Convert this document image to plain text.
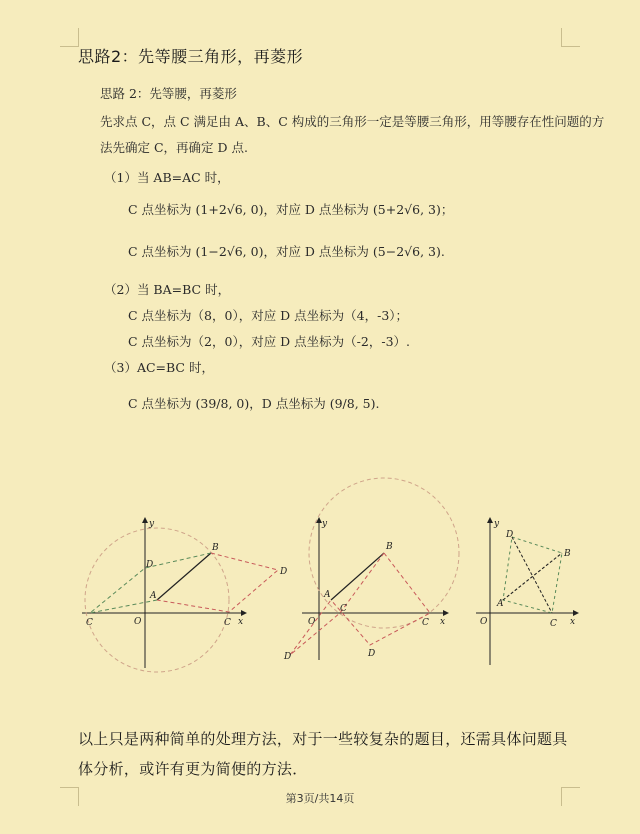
思路2：先等腰三角形，再菱形
思路 2：先等腰，再菱形
先求点 C，点 C 满足由 A、B、C 构成的三角形一定是等腰三角形，用等腰存在性问题的方
法先确定 C，再确定 D 点.
（1）当 AB=AC 时，
C 点坐标为 (1+2√6, 0)，对应 D 点坐标为 (5+2√6, 3)；
C 点坐标为 (1−2√6, 0)，对应 D 点坐标为 (5−2√6, 3).
（2）当 BA=BC 时，
C 点坐标为（8，0），对应 D 点坐标为（4，-3）；
C 点坐标为（2，0），对应 D 点坐标为（-2，-3）.
（3）AC=BC 时，
C 点坐标为 (39/8, 0)，D 点坐标为 (9/8, 5).
y
x
O
A
B
C	C
D
D
y
x
O
A
B
C
C
D	D
y
x
O
A
B
C
D
以上只是两种简单的处理方法，对于一些较复杂的题目，还需具体问题具体分析，或许有更为简便的方法．
第3页/共14页
